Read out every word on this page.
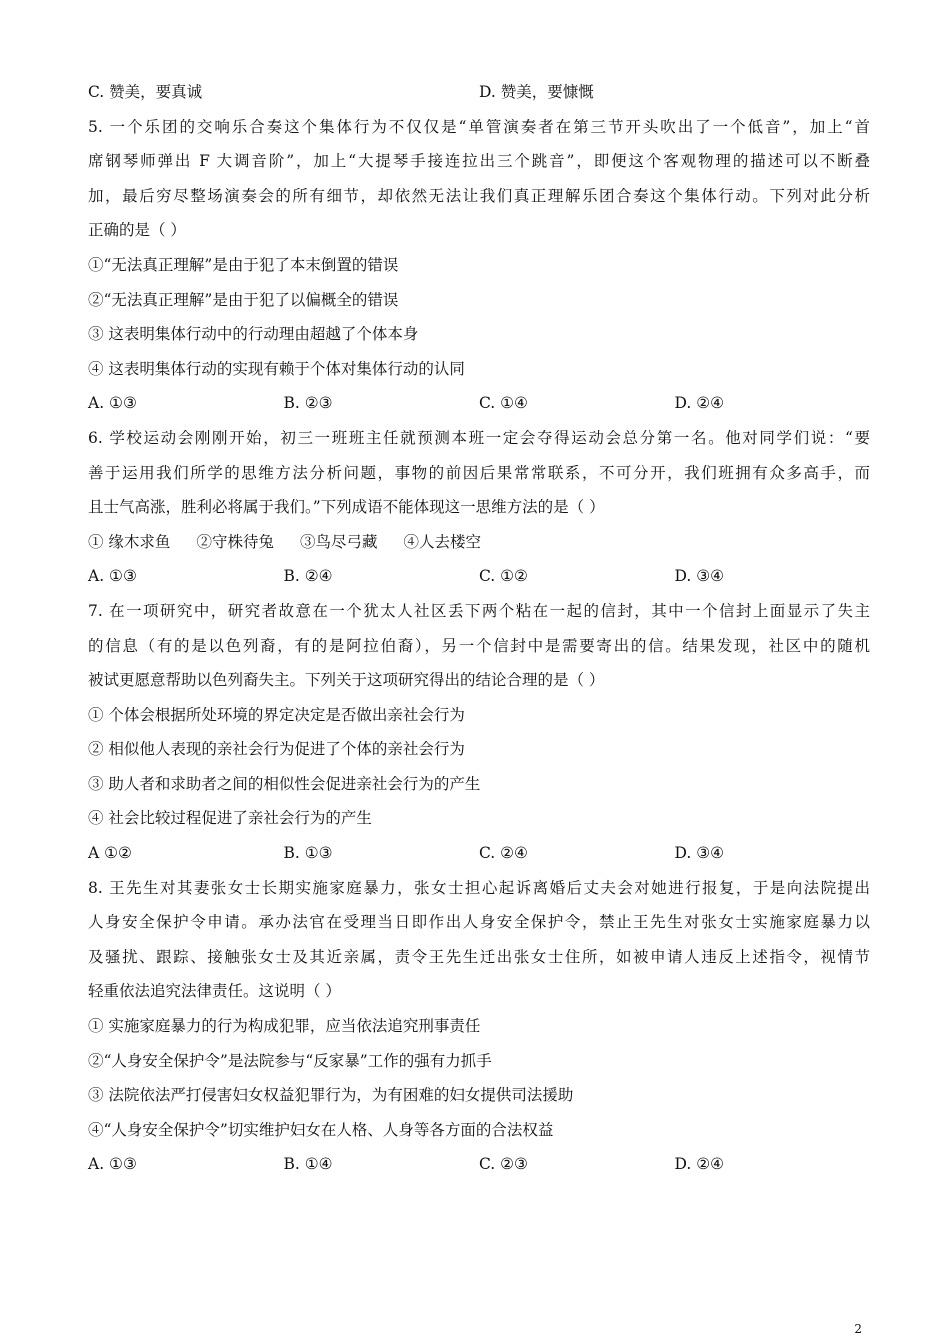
C. 赞美，要真诚	D. 赞美，要慷慨
5. 一个乐团的交响乐合奏这个集体行为不仅仅是“单管演奏者在第三节开头吹出了一个低音”，加上“首
席钢琴师弹出 F 大调音阶”，加上“大提琴手接连拉出三个跳音”，即便这个客观物理的描述可以不断叠
加，最后穷尽整场演奏会的所有细节，却依然无法让我们真正理解乐团合奏这个集体行动。下列对此分析
正确的是（ ）
①“无法真正理解”是由于犯了本末倒置的错误
②“无法真正理解”是由于犯了以偏概全的错误
③ 这表明集体行动中的行动理由超越了个体本身
④ 这表明集体行动的实现有赖于个体对集体行动的认同
A. ①③	B. ②③	C. ①④	D. ②④
6. 学校运动会刚刚开始，初三一班班主任就预测本班一定会夺得运动会总分第一名。他对同学们说：“要
善于运用我们所学的思维方法分析问题，事物的前因后果常常联系，不可分开，我们班拥有众多高手，而
且士气高涨，胜利必将属于我们。”下列成语不能体现这一思维方法的是（ ）
① 缘木求鱼 ②守株待兔 ③鸟尽弓藏 ④人去楼空
A. ①③	B. ②④	C. ①②	D. ③④
7. 在一项研究中，研究者故意在一个犹太人社区丢下两个粘在一起的信封，其中一个信封上面显示了失主
的信息（有的是以色列裔，有的是阿拉伯裔），另一个信封中是需要寄出的信。结果发现，社区中的随机
被试更愿意帮助以色列裔失主。下列关于这项研究得出的结论合理的是（ ）
① 个体会根据所处环境的界定决定是否做出亲社会行为
② 相似他人表现的亲社会行为促进了个体的亲社会行为
③ 助人者和求助者之间的相似性会促进亲社会行为的产生
④ 社会比较过程促进了亲社会行为的产生
A ①②	B. ①③	C. ②④	D. ③④
8. 王先生对其妻张女士长期实施家庭暴力，张女士担心起诉离婚后丈夫会对她进行报复，于是向法院提出
人身安全保护令申请。承办法官在受理当日即作出人身安全保护令，禁止王先生对张女士实施家庭暴力以
及骚扰、跟踪、接触张女士及其近亲属，责令王先生迁出张女士住所，如被申请人违反上述指令，视情节
轻重依法追究法律责任。这说明（ ）
① 实施家庭暴力的行为构成犯罪，应当依法追究刑事责任
②“人身安全保护令”是法院参与“反家暴”工作的强有力抓手
③ 法院依法严打侵害妇女权益犯罪行为，为有困难的妇女提供司法援助
④“人身安全保护令”切实维护妇女在人格、人身等各方面的合法权益
A. ①③	B. ①④	C. ②③	D. ②④
2
